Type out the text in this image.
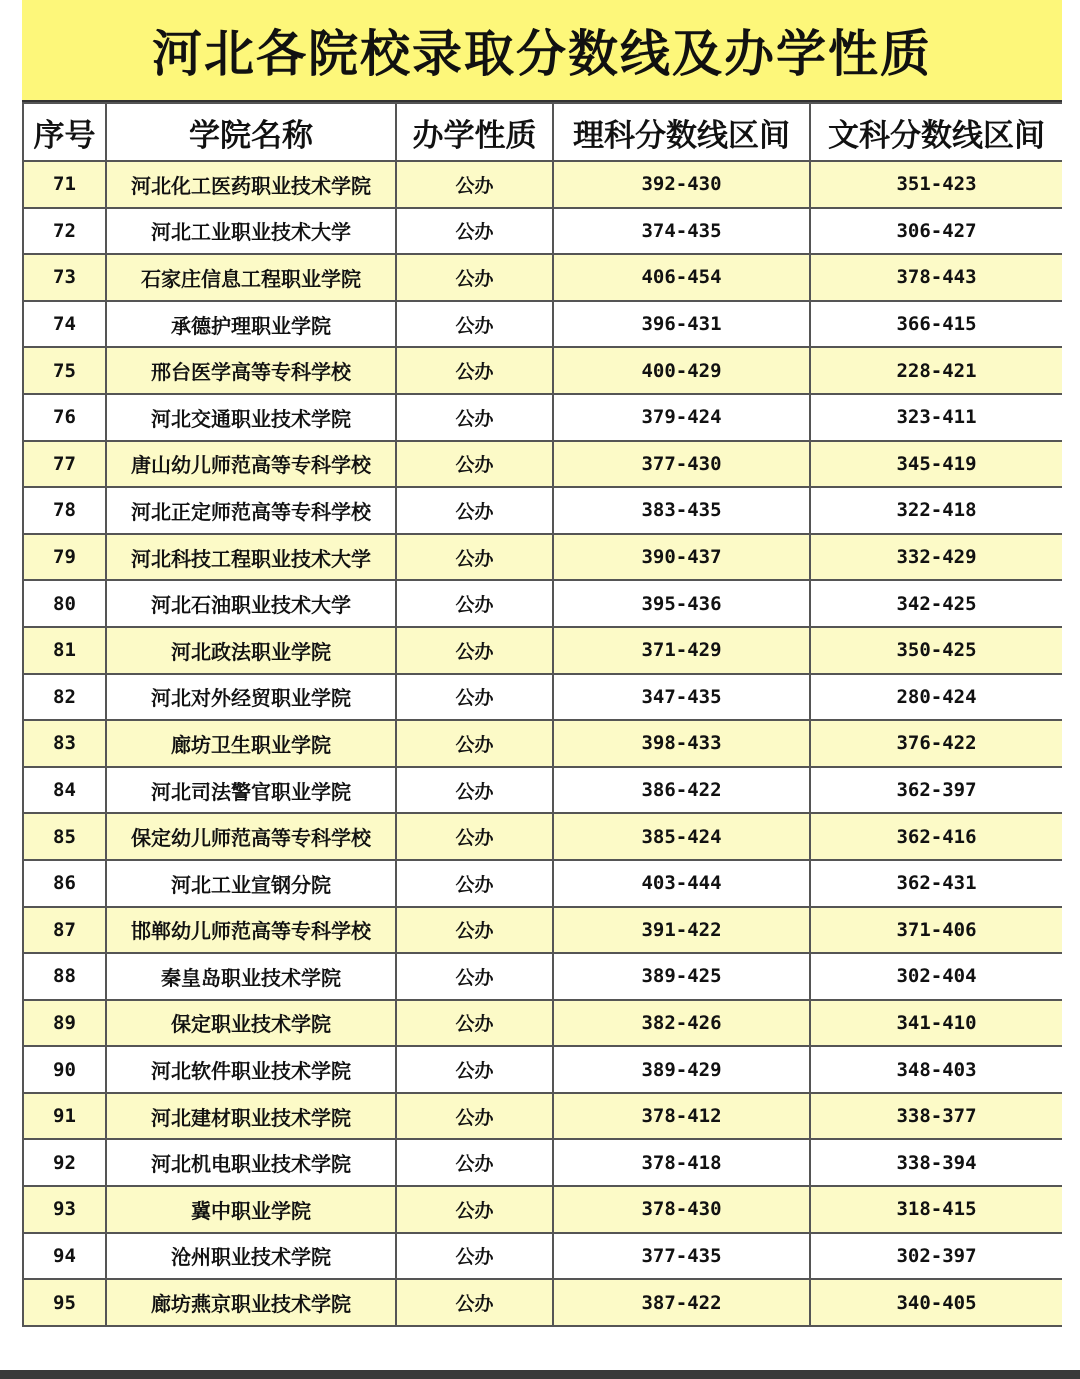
河北各院校录取分数线及办学性质
序号	学院名称	办学性质	理科分数线区间	文科分数线区间
71	河北化工医药职业技术学院	公办	392-430	351-423
72	河北工业职业技术大学	公办	374-435	306-427
73	石家庄信息工程职业学院	公办	406-454	378-443
74	承德护理职业学院	公办	396-431	366-415
75	邢台医学高等专科学校	公办	400-429	228-421
76	河北交通职业技术学院	公办	379-424	323-411
77	唐山幼儿师范高等专科学校	公办	377-430	345-419
78	河北正定师范高等专科学校	公办	383-435	322-418
79	河北科技工程职业技术大学	公办	390-437	332-429
80	河北石油职业技术大学	公办	395-436	342-425
81	河北政法职业学院	公办	371-429	350-425
82	河北对外经贸职业学院	公办	347-435	280-424
83	廊坊卫生职业学院	公办	398-433	376-422
84	河北司法警官职业学院	公办	386-422	362-397
85	保定幼儿师范高等专科学校	公办	385-424	362-416
86	河北工业宣钢分院	公办	403-444	362-431
87	邯郸幼儿师范高等专科学校	公办	391-422	371-406
88	秦皇岛职业技术学院	公办	389-425	302-404
89	保定职业技术学院	公办	382-426	341-410
90	河北软件职业技术学院	公办	389-429	348-403
91	河北建材职业技术学院	公办	378-412	338-377
92	河北机电职业技术学院	公办	378-418	338-394
93	冀中职业学院	公办	378-430	318-415
94	沧州职业技术学院	公办	377-435	302-397
95	廊坊燕京职业技术学院	公办	387-422	340-405
